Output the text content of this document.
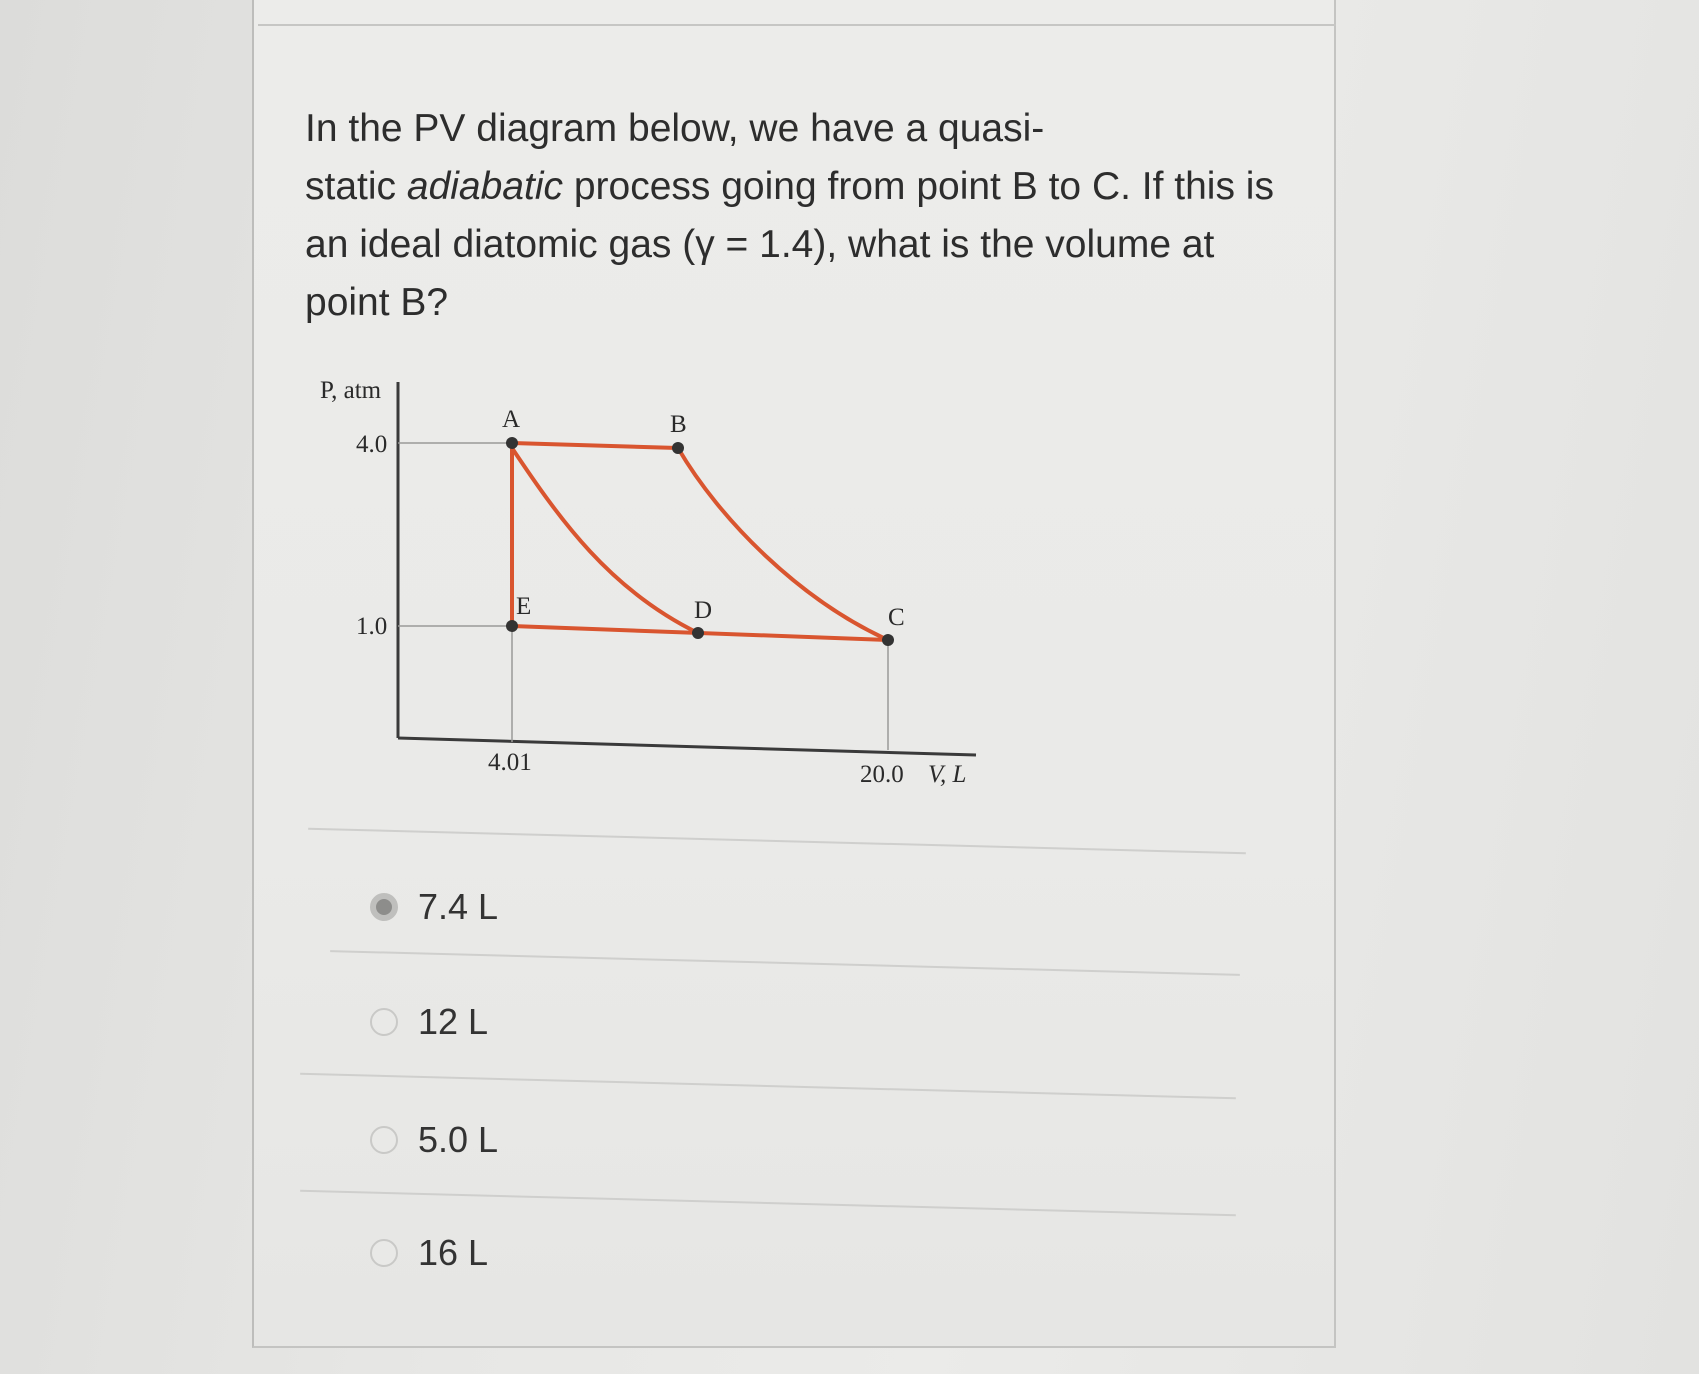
In the PV diagram below, we have a quasi-
static adiabatic process going from point B to C. If this is
an ideal diatomic gas (γ = 1.4), what is the volume at
point B?
P, atm
4.0
1.0
4.01	20.0 V, L
A	B
C
D
E
7.4 L
12 L
5.0 L
16 L
